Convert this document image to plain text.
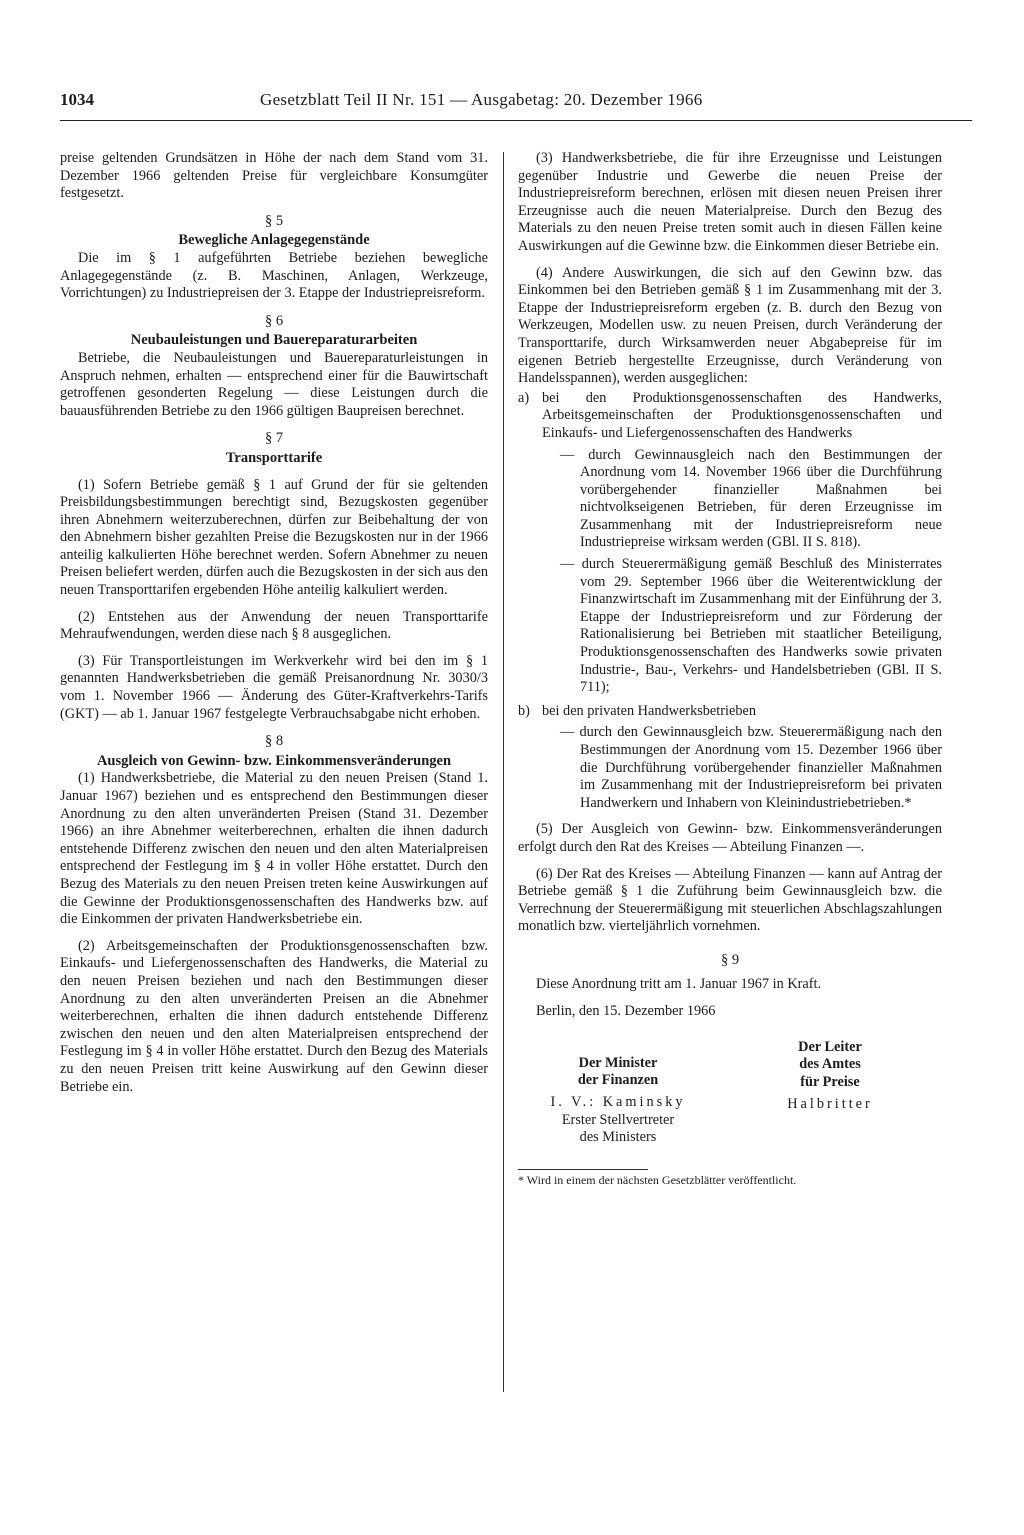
1034	Gesetzblatt Teil II Nr. 151 — Ausgabetag: 20. Dezember 1966

preise geltenden Grundsätzen in Höhe der nach dem Stand vom 31. Dezember 1966 geltenden Preise für vergleichbare Konsumgüter festgesetzt.

§ 5
Bewegliche Anlagegegenstände

Die im § 1 aufgeführten Betriebe beziehen bewegliche Anlagegegenstände (z. B. Maschinen, Anlagen, Werkzeuge, Vorrichtungen) zu Industriepreisen der 3. Etappe der Industriepreisreform.

§ 6
Neubauleistungen und Bauereparaturarbeiten

Betriebe, die Neubauleistungen und Bauereparaturleistungen in Anspruch nehmen, erhalten — entsprechend einer für die Bauwirtschaft getroffenen gesonderten Regelung — diese Leistungen durch die bauausführenden Betriebe zu den 1966 gültigen Baupreisen berechnet.

§ 7
Transporttarife

(1) Sofern Betriebe gemäß § 1 auf Grund der für sie geltenden Preisbildungsbestimmungen berechtigt sind, Bezugskosten gegenüber ihren Abnehmern weiterzuberechnen, dürfen zur Beibehaltung der von den Abnehmern bisher gezahlten Preise die Bezugskosten nur in der 1966 anteilig kalkulierten Höhe berechnet werden. Sofern Abnehmer zu neuen Preisen beliefert werden, dürfen auch die Bezugskosten in der sich aus den neuen Transporttarifen ergebenden Höhe anteilig kalkuliert werden.

(2) Entstehen aus der Anwendung der neuen Transporttarife Mehraufwendungen, werden diese nach § 8 ausgeglichen.

(3) Für Transportleistungen im Werkverkehr wird bei den im § 1 genannten Handwerksbetrieben die gemäß Preisanordnung Nr. 3030/3 vom 1. November 1966 — Änderung des Güter-Kraftverkehrs-Tarifs (GKT) — ab 1. Januar 1967 festgelegte Verbrauchsabgabe nicht erhoben.

§ 8
Ausgleich von Gewinn- bzw. Einkommensveränderungen

(1) Handwerksbetriebe, die Material zu den neuen Preisen (Stand 1. Januar 1967) beziehen und es entsprechend den Bestimmungen dieser Anordnung zu den alten unveränderten Preisen (Stand 31. Dezember 1966) an ihre Abnehmer weiterberechnen, erhalten die ihnen dadurch entstehende Differenz zwischen den neuen und den alten Materialpreisen entsprechend der Festlegung im § 4 in voller Höhe erstattet. Durch den Bezug des Materials zu den neuen Preisen treten keine Auswirkungen auf die Gewinne der Produktionsgenossenschaften des Handwerks bzw. auf die Einkommen der privaten Handwerksbetriebe ein.

(2) Arbeitsgemeinschaften der Produktionsgenossenschaften bzw. Einkaufs- und Liefergenossenschaften des Handwerks, die Material zu den neuen Preisen beziehen und nach den Bestimmungen dieser Anordnung zu den alten unveränderten Preisen an die Abnehmer weiterberechnen, erhalten die ihnen dadurch entstehende Differenz zwischen den neuen und den alten Materialpreisen entsprechend der Festlegung im § 4 in voller Höhe erstattet. Durch den Bezug des Materials zu den neuen Preisen tritt keine Auswirkung auf den Gewinn dieser Betriebe ein.

(3) Handwerksbetriebe, die für ihre Erzeugnisse und Leistungen gegenüber Industrie und Gewerbe die neuen Preise der Industriepreisreform berechnen, erlösen mit diesen neuen Preisen ihrer Erzeugnisse auch die neuen Materialpreise. Durch den Bezug des Materials zu den neuen Preise treten somit auch in diesen Fällen keine Auswirkungen auf die Gewinne bzw. die Einkommen dieser Betriebe ein.

(4) Andere Auswirkungen, die sich auf den Gewinn bzw. das Einkommen bei den Betrieben gemäß § 1 im Zusammenhang mit der 3. Etappe der Industriepreisreform ergeben (z. B. durch den Bezug von Werkzeugen, Modellen usw. zu neuen Preisen, durch Veränderung der Transporttarife, durch Wirksamwerden neuer Abgabepreise für im eigenen Betrieb hergestellte Erzeugnisse, durch Veränderung von Handelsspannen), werden ausgeglichen:

a) bei den Produktionsgenossenschaften des Handwerks, Arbeitsgemeinschaften der Produktionsgenossenschaften und Einkaufs- und Liefergenossenschaften des Handwerks

— durch Gewinnausgleich nach den Bestimmungen der Anordnung vom 14. November 1966 über die Durchführung vorübergehender finanzieller Maßnahmen bei nichtvolkseigenen Betrieben, für deren Erzeugnisse im Zusammenhang mit der Industriepreisreform neue Industriepreise wirksam werden (GBl. II S. 818).

— durch Steuerermäßigung gemäß Beschluß des Ministerrates vom 29. September 1966 über die Weiterentwicklung der Finanzwirtschaft im Zusammenhang mit der Einführung der 3. Etappe der Industriepreisreform und zur Förderung der Rationalisierung bei Betrieben mit staatlicher Beteiligung, Produktionsgenossenschaften des Handwerks sowie privaten Industrie-, Bau-, Verkehrs- und Handelsbetrieben (GBl. II S. 711);

b) bei den privaten Handwerksbetrieben

— durch den Gewinnausgleich bzw. Steuerermäßigung nach den Bestimmungen der Anordnung vom 15. Dezember 1966 über die Durchführung vorübergehender finanzieller Maßnahmen im Zusammenhang mit der Industriepreisreform bei privaten Handwerkern und Inhabern von Kleinindustriebetrieben.*

(5) Der Ausgleich von Gewinn- bzw. Einkommensveränderungen erfolgt durch den Rat des Kreises — Abteilung Finanzen —.

(6) Der Rat des Kreises — Abteilung Finanzen — kann auf Antrag der Betriebe gemäß § 1 die Zuführung beim Gewinnausgleich bzw. die Verrechnung der Steuerermäßigung mit steuerlichen Abschlagszahlungen monatlich bzw. vierteljährlich vornehmen.

§ 9

Diese Anordnung tritt am 1. Januar 1967 in Kraft.

Berlin, den 15. Dezember 1966

Der Minister
der Finanzen
I. V.: Kaminsky
Erster Stellvertreter
des Ministers
Der Leiter
des Amtes
für Preise
Halbritter
* Wird in einem der nächsten Gesetzblätter veröffentlicht.
